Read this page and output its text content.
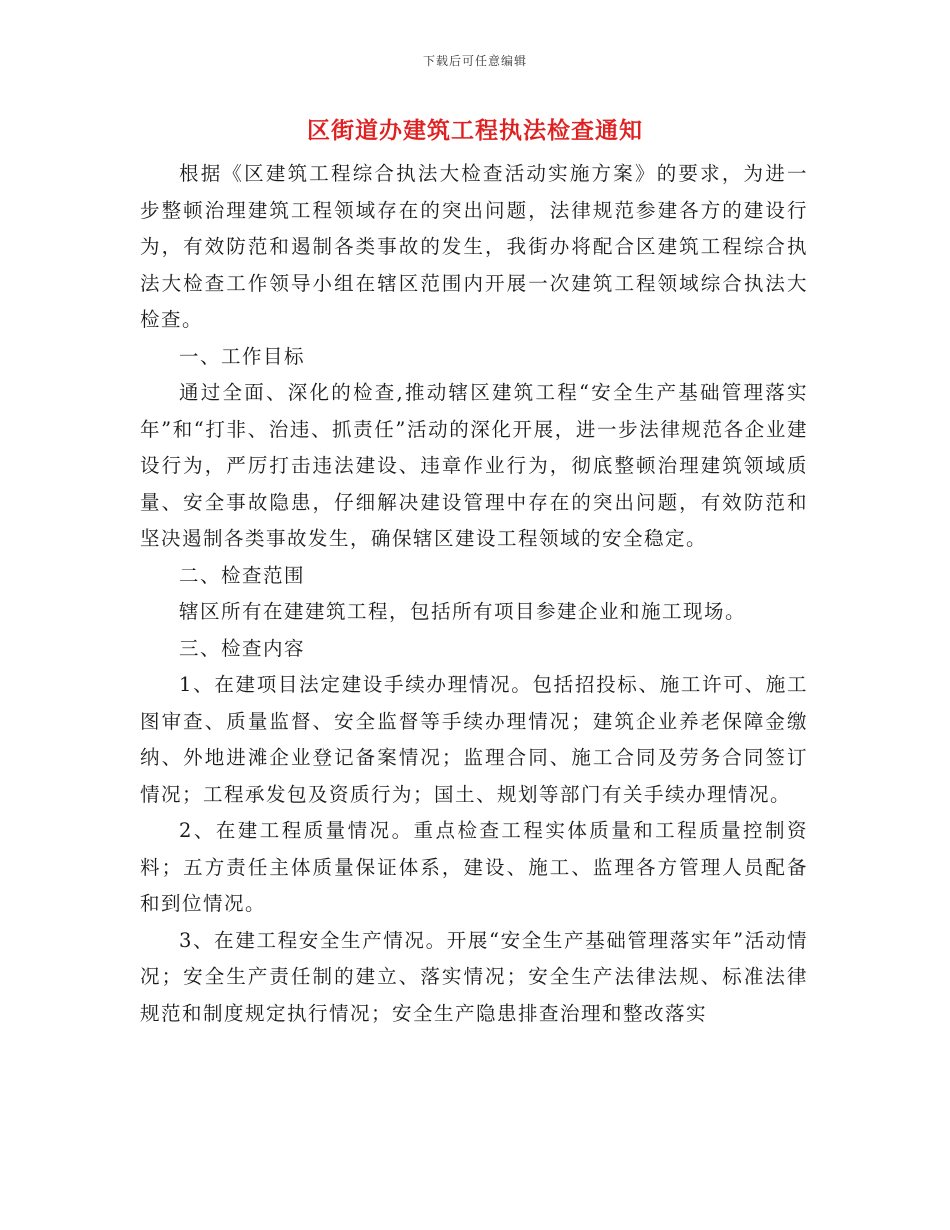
下载后可任意编辑
区街道办建筑工程执法检查通知

根据《区建筑工程综合执法大检查活动实施方案》的要求，为进一步整顿治理建筑工程领域存在的突出问题，法律规范参建各方的建设行为，有效防范和遏制各类事故的发生，我街办将配合区建筑工程综合执法大检查工作领导小组在辖区范围内开展一次建筑工程领域综合执法大检查。

一、工作目标

通过全面、深化的检查,推动辖区建筑工程“安全生产基础管理落实年”和“打非、治违、抓责任”活动的深化开展，进一步法律规范各企业建设行为，严厉打击违法建设、违章作业行为，彻底整顿治理建筑领域质量、安全事故隐患，仔细解决建设管理中存在的突出问题，有效防范和坚决遏制各类事故发生，确保辖区建设工程领域的安全稳定。

二、检查范围

辖区所有在建建筑工程，包括所有项目参建企业和施工现场。

三、检查内容

1、在建项目法定建设手续办理情况。包括招投标、施工许可、施工图审查、质量监督、安全监督等手续办理情况；建筑企业养老保障金缴纳、外地进滩企业登记备案情况；监理合同、施工合同及劳务合同签订情况；工程承发包及资质行为；国土、规划等部门有关手续办理情况。

2、在建工程质量情况。重点检查工程实体质量和工程质量控制资料；五方责任主体质量保证体系，建设、施工、监理各方管理人员配备和到位情况。

3、在建工程安全生产情况。开展“安全生产基础管理落实年”活动情况；安全生产责任制的建立、落实情况；安全生产法律法规、标准法律规范和制度规定执行情况；安全生产隐患排查治理和整改落实
